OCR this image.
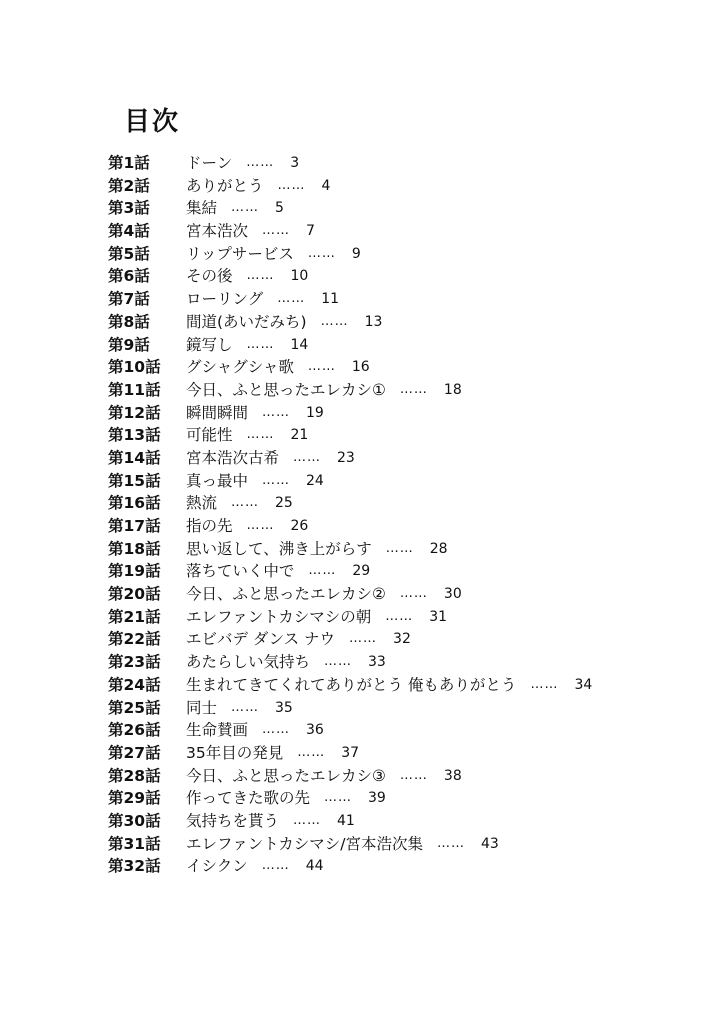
目次
第1話	ドーン …… 3
第2話	ありがとう …… 4
第3話	集結 …… 5
第4話	宮本浩次 …… 7
第5話	リップサービス …… 9
第6話	その後 …… 10
第7話	ローリング …… 11
第8話	間道(あいだみち) …… 13
第9話	鏡写し …… 14
第10話	グシャグシャ歌 …… 16
第11話	今日、ふと思ったエレカシ① …… 18
第12話	瞬間瞬間 …… 19
第13話	可能性 …… 21
第14話	宮本浩次古希 …… 23
第15話	真っ最中 …… 24
第16話	熱流 …… 25
第17話	指の先 …… 26
第18話	思い返して、沸き上がらす …… 28
第19話	落ちていく中で …… 29
第20話	今日、ふと思ったエレカシ② …… 30
第21話	エレファントカシマシの朝 …… 31
第22話	エビバデ ダンス ナウ …… 32
第23話	あたらしい気持ち …… 33
第24話	生まれてきてくれてありがとう 俺もありがとう …… 34
第25話	同士 …… 35
第26話	生命賛画 …… 36
第27話	35年目の発見 …… 37
第28話	今日、ふと思ったエレカシ③ …… 38
第29話	作ってきた歌の先 …… 39
第30話	気持ちを貰う …… 41
第31話	エレファントカシマシ/宮本浩次集 …… 43
第32話	イシクン …… 44
